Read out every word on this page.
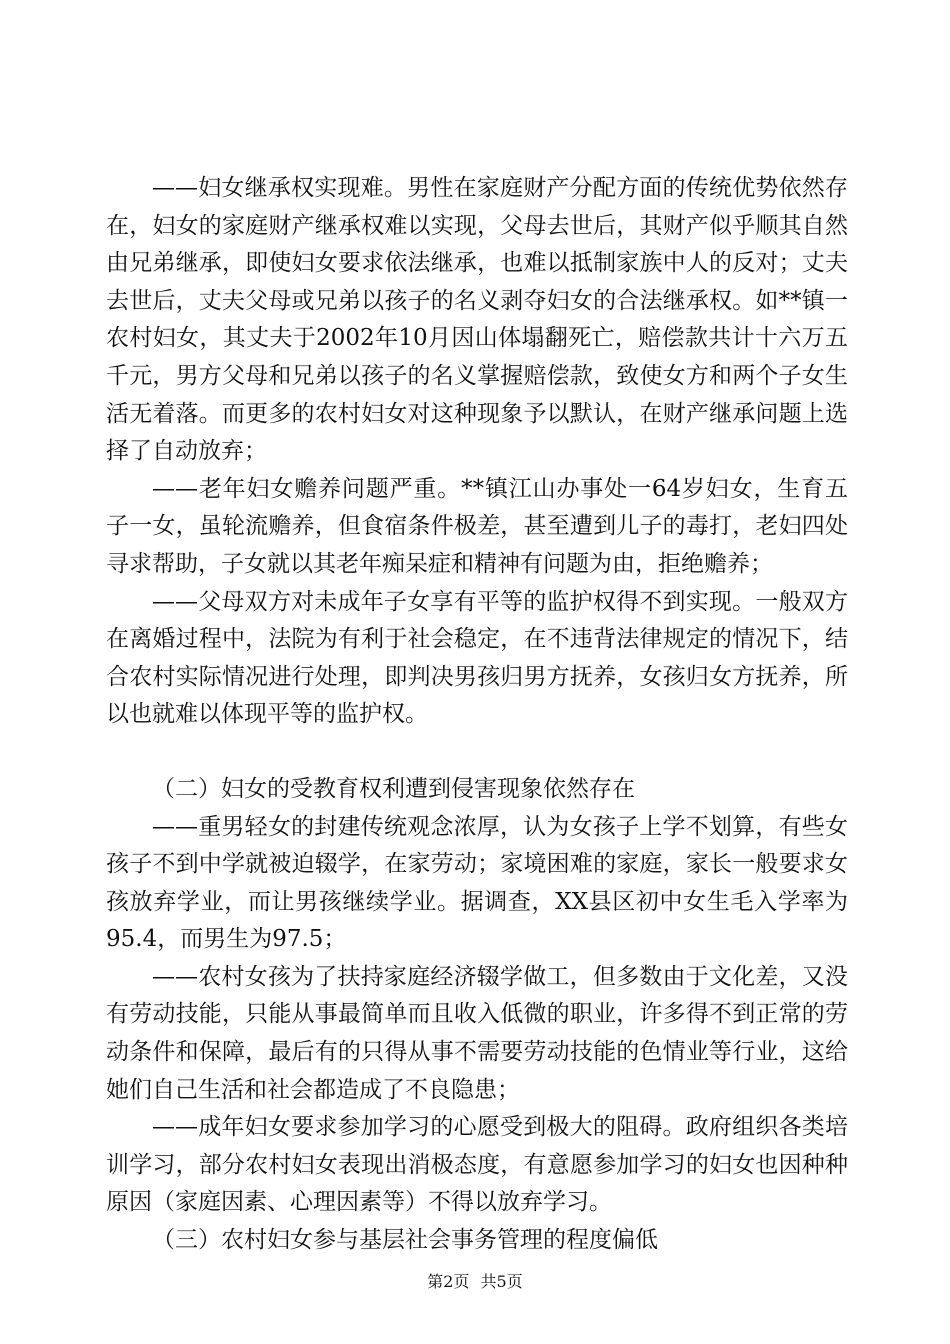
——妇女继承权实现难。男性在家庭财产分配方面的传统优势依然存在，妇女的家庭财产继承权难以实现，父母去世后，其财产似乎顺其自然由兄弟继承，即使妇女要求依法继承，也难以抵制家族中人的反对；丈夫去世后，丈夫父母或兄弟以孩子的名义剥夺妇女的合法继承权。如**镇一农村妇女，其丈夫于2002年10月因山体塌翻死亡，赔偿款共计十六万五千元，男方父母和兄弟以孩子的名义掌握赔偿款，致使女方和两个子女生活无着落。而更多的农村妇女对这种现象予以默认，在财产继承问题上选择了自动放弃；

——老年妇女赡养问题严重。**镇江山办事处一64岁妇女，生育五子一女，虽轮流赡养，但食宿条件极差，甚至遭到儿子的毒打，老妇四处寻求帮助，子女就以其老年痴呆症和精神有问题为由，拒绝赡养；

——父母双方对未成年子女享有平等的监护权得不到实现。一般双方在离婚过程中，法院为有利于社会稳定，在不违背法律规定的情况下，结合农村实际情况进行处理，即判决男孩归男方抚养，女孩归女方抚养，所以也就难以体现平等的监护权。

（二）妇女的受教育权利遭到侵害现象依然存在

——重男轻女的封建传统观念浓厚，认为女孩子上学不划算，有些女孩子不到中学就被迫辍学，在家劳动；家境困难的家庭，家长一般要求女孩放弃学业，而让男孩继续学业。据调查，XX县区初中女生毛入学率为95.4，而男生为97.5；

——农村女孩为了扶持家庭经济辍学做工，但多数由于文化差，又没有劳动技能，只能从事最简单而且收入低微的职业，许多得不到正常的劳动条件和保障，最后有的只得从事不需要劳动技能的色情业等行业，这给她们自己生活和社会都造成了不良隐患；

——成年妇女要求参加学习的心愿受到极大的阻碍。政府组织各类培训学习，部分农村妇女表现出消极态度，有意愿参加学习的妇女也因种种原因（家庭因素、心理因素等）不得以放弃学习。

（三）农村妇女参与基层社会事务管理的程度偏低

第2页 共5页
